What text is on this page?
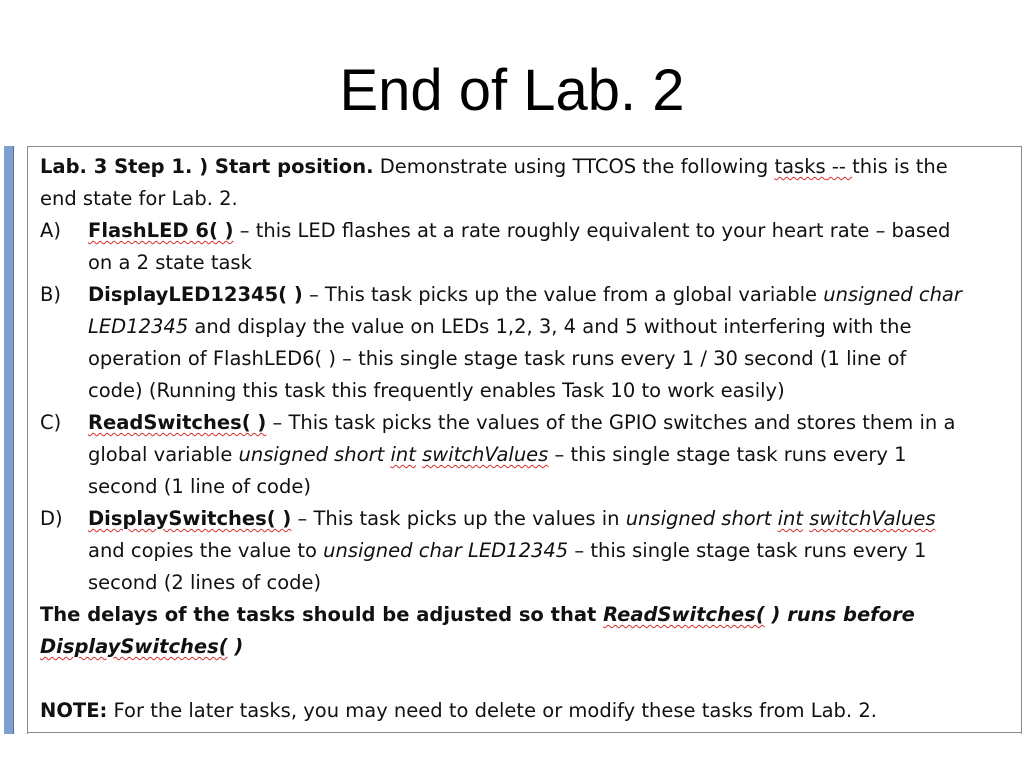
End of Lab. 2
Lab. 3 Step 1. ) Start position. Demonstrate using TTCOS the following tasks -- this is the
end state for Lab. 2.
A) FlashLED 6( ) – this LED flashes at a rate roughly equivalent to your heart rate – based
on a 2 state task
B) DisplayLED12345( ) – This task picks up the value from a global variable unsigned char
LED12345 and display the value on LEDs 1,2, 3, 4 and 5 without interfering with the
operation of FlashLED6( ) – this single stage task runs every 1 / 30 second (1 line of
code) (Running this task this frequently enables Task 10 to work easily)
C) ReadSwitches( ) – This task picks the values of the GPIO switches and stores them in a
global variable unsigned short int switchValues – this single stage task runs every 1
second (1 line of code)
D) DisplaySwitches( ) – This task picks up the values in unsigned short int switchValues
and copies the value to unsigned char LED12345 – this single stage task runs every 1
second (2 lines of code)
The delays of the tasks should be adjusted so that ReadSwitches( ) runs before
DisplaySwitches( )
NOTE: For the later tasks, you may need to delete or modify these tasks from Lab. 2.
